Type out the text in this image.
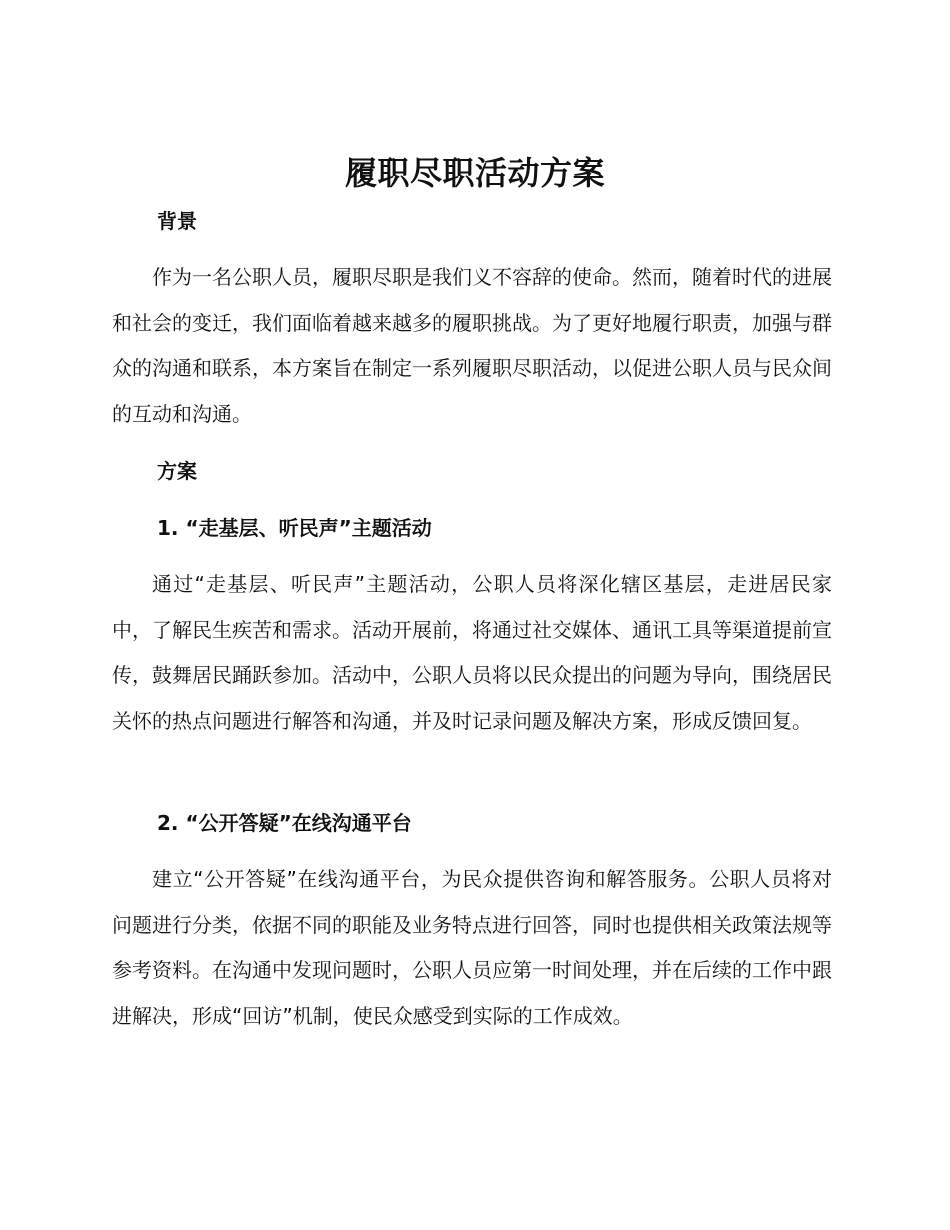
履职尽职活动方案
背景

作为一名公职人员，履职尽职是我们义不容辞的使命。然而，随着时代的进展和社会的变迁，我们面临着越来越多的履职挑战。为了更好地履行职责，加强与群众的沟通和联系，本方案旨在制定一系列履职尽职活动，以促进公职人员与民众间的互动和沟通。

方案
1. “走基层、听民声”主题活动

通过“走基层、听民声”主题活动，公职人员将深化辖区基层，走进居民家中，了解民生疾苦和需求。活动开展前，将通过社交媒体、通讯工具等渠道提前宣传，鼓舞居民踊跃参加。活动中，公职人员将以民众提出的问题为导向，围绕居民关怀的热点问题进行解答和沟通，并及时记录问题及解决方案，形成反馈回复。

2. “公开答疑”在线沟通平台

建立“公开答疑”在线沟通平台，为民众提供咨询和解答服务。公职人员将对问题进行分类，依据不同的职能及业务特点进行回答，同时也提供相关政策法规等参考资料。在沟通中发现问题时，公职人员应第一时间处理，并在后续的工作中跟进解决，形成“回访”机制，使民众感受到实际的工作成效。
